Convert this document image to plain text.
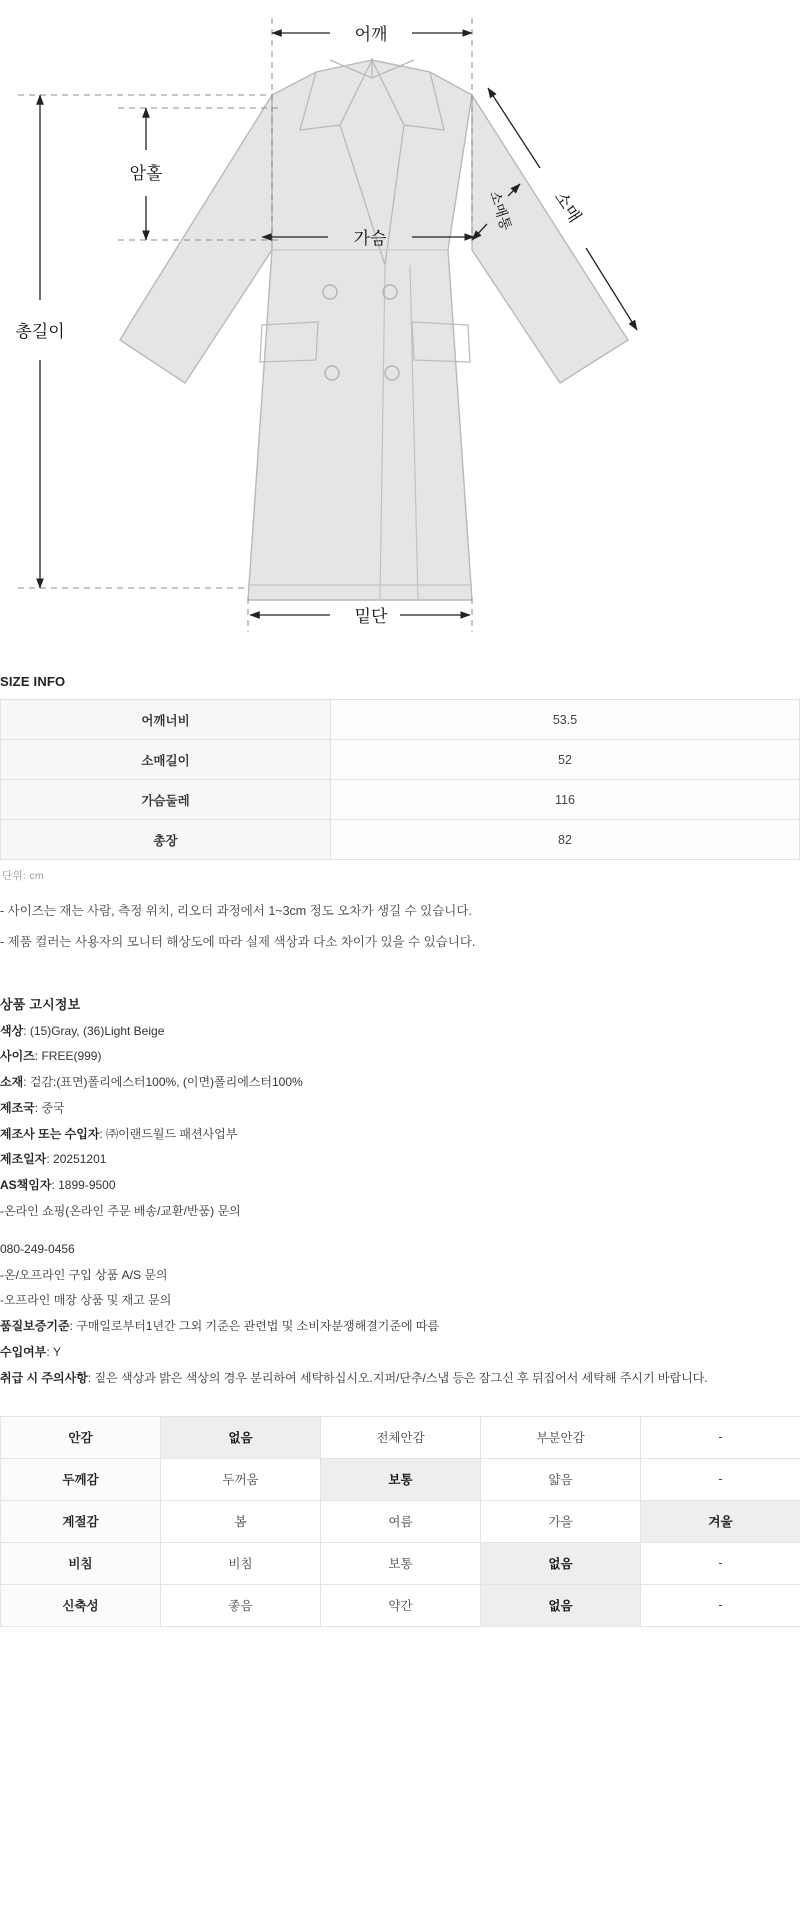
어깨
암홀
가슴
총길이
밑단
소매
소매통
SIZE INFO
어깨너비	53.5
소매길이	52
가슴둘레	116
총장	82
단위: cm
- 사이즈는 재는 사람, 측정 위치, 리오더 과정에서 1~3cm 정도 오차가 생길 수 있습니다.
- 제품 컬러는 사용자의 모니터 해상도에 따라 실제 색상과 다소 차이가 있을 수 있습니다.
상품 고시정보
색상: (15)Gray, (36)Light Beige
사이즈: FREE(999)
소재: 겉감:(표면)폴리에스터100%, (이면)폴리에스터100%
제조국: 중국
제조사 또는 수입자: ㈜이랜드월드 패션사업부
제조일자: 20251201
AS책임자: 1899-9500
-온라인 쇼핑(온라인 주문 배송/교환/반품) 문의
080-249-0456
-온/오프라인 구입 상품 A/S 문의
-오프라인 매장 상품 및 재고 문의
품질보증기준: 구매일로부터1년간 그외 기준은 관련법 및 소비자분쟁해결기준에 따름
수입여부: Y
취급 시 주의사항: 짙은 색상과 밝은 색상의 경우 분리하여 세탁하십시오.지퍼/단추/스냅 등은 잠그신 후 뒤집어서 세탁해 주시기 바랍니다.
안감	없음	전체안감	부분안감	-
두께감	두꺼움	보통	얇음	-
계절감	봄	여름	가을	겨울
비침	비침	보통	없음	-
신축성	좋음	약간	없음	-
